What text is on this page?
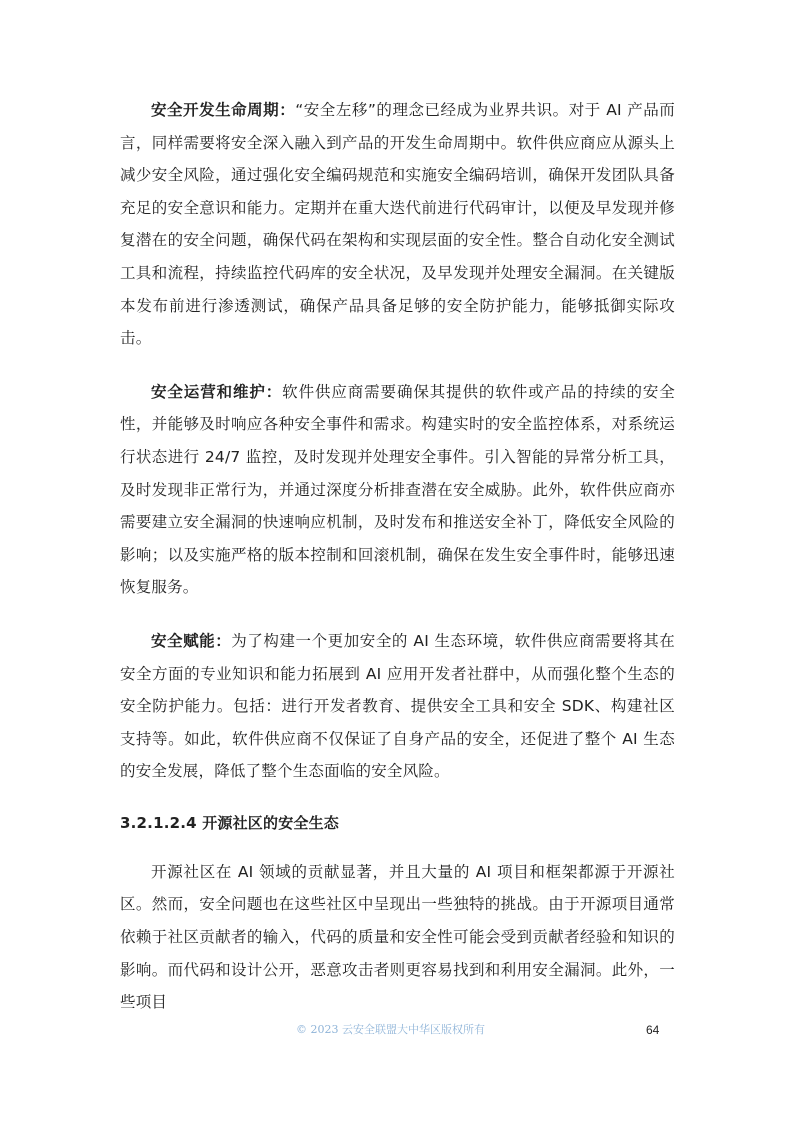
安全开发生命周期：“安全左移”的理念已经成为业界共识。对于 AI 产品而言，同样需要将安全深入融入到产品的开发生命周期中。软件供应商应从源头上减少安全风险，通过强化安全编码规范和实施安全编码培训，确保开发团队具备充足的安全意识和能力。定期并在重大迭代前进行代码审计，以便及早发现并修复潜在的安全问题，确保代码在架构和实现层面的安全性。整合自动化安全测试工具和流程，持续监控代码库的安全状况，及早发现并处理安全漏洞。在关键版本发布前进行渗透测试，确保产品具备足够的安全防护能力，能够抵御实际攻击。

安全运营和维护：软件供应商需要确保其提供的软件或产品的持续的安全性，并能够及时响应各种安全事件和需求。构建实时的安全监控体系，对系统运行状态进行 24/7 监控，及时发现并处理安全事件。引入智能的异常分析工具，及时发现非正常行为，并通过深度分析排查潜在安全威胁。此外，软件供应商亦需要建立安全漏洞的快速响应机制，及时发布和推送安全补丁，降低安全风险的影响；以及实施严格的版本控制和回滚机制，确保在发生安全事件时，能够迅速恢复服务。

安全赋能：为了构建一个更加安全的 AI 生态环境，软件供应商需要将其在安全方面的专业知识和能力拓展到 AI 应用开发者社群中，从而强化整个生态的安全防护能力。包括：进行开发者教育、提供安全工具和安全 SDK、构建社区支持等。如此，软件供应商不仅保证了自身产品的安全，还促进了整个 AI 生态的安全发展，降低了整个生态面临的安全风险。

3.2.1.2.4 开源社区的安全生态

开源社区在 AI 领域的贡献显著，并且大量的 AI 项目和框架都源于开源社区。然而，安全问题也在这些社区中呈现出一些独特的挑战。由于开源项目通常依赖于社区贡献者的输入，代码的质量和安全性可能会受到贡献者经验和知识的影响。而代码和设计公开，恶意攻击者则更容易找到和利用安全漏洞。此外，一些项目

© 2023 云安全联盟大中华区版权所有	64
